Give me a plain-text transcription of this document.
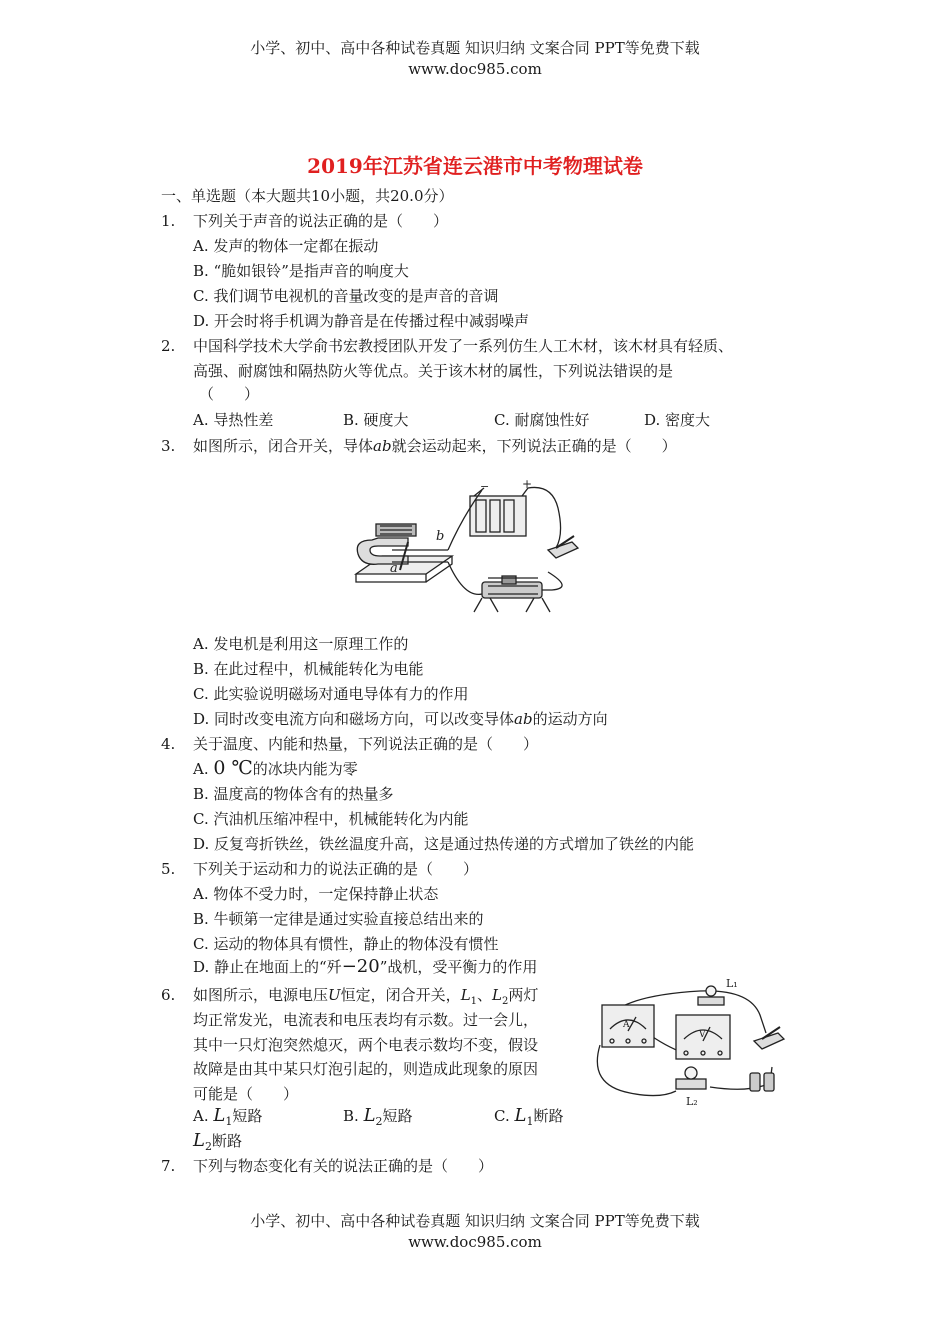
小学、初中、高中各种试卷真题 知识归纳 文案合同 PPT等免费下载
www.doc985.com
2019年江苏省连云港市中考物理试卷
一、单选题（本大题共10小题，共20.0分）
1. 下列关于声音的说法正确的是（　　）
A. 发声的物体一定都在振动
B. “脆如银铃”是指声音的响度大
C. 我们调节电视机的音量改变的是声音的音调
D. 开会时将手机调为静音是在传播过程中减弱噪声
2. 中国科学技术大学俞书宏教授团队开发了一系列仿生人工木材，该木材具有轻质、
高强、耐腐蚀和隔热防火等优点。关于该木材的属性，下列说法错误的是
（　　）
A. 导热性差	B. 硬度大	C. 耐腐蚀性好	D. 密度大
3. 如图所示，闭合开关，导体ab就会运动起来，下列说法正确的是（　　）
−	+
a
b
A. 发电机是利用这一原理工作的
B. 在此过程中，机械能转化为电能
C. 此实验说明磁场对通电导体有力的作用
D. 同时改变电流方向和磁场方向，可以改变导体ab的运动方向
4. 关于温度、内能和热量，下列说法正确的是（　　）
A. 0 ℃的冰块内能为零
B. 温度高的物体含有的热量多
C. 汽油机压缩冲程中，机械能转化为内能
D. 反复弯折铁丝，铁丝温度升高，这是通过热传递的方式增加了铁丝的内能
5. 下列关于运动和力的说法正确的是（　　）
A. 物体不受力时，一定保持静止状态
B. 牛顿第一定律是通过实验直接总结出来的
C. 运动的物体具有惯性，静止的物体没有惯性
D. 静止在地面上的“歼−20”战机，受平衡力的作用
6. 如图所示，电源电压U恒定，闭合开关，$L_1$、$L_2$两灯
均正常发光，电流表和电压表均有示数。过一会儿，
其中一只灯泡突然熄灭，两个电表示数均不变，假设
故障是由其中某只灯泡引起的，则造成此现象的原因
可能是（　　）
A. $L_1$短路	B. $L_2$短路	C. $L_1$断路
$L_2$断路
L₁
L₂
A
V
7. 下列与物态变化有关的说法正确的是（　　）
小学、初中、高中各种试卷真题 知识归纳 文案合同 PPT等免费下载
www.doc985.com
